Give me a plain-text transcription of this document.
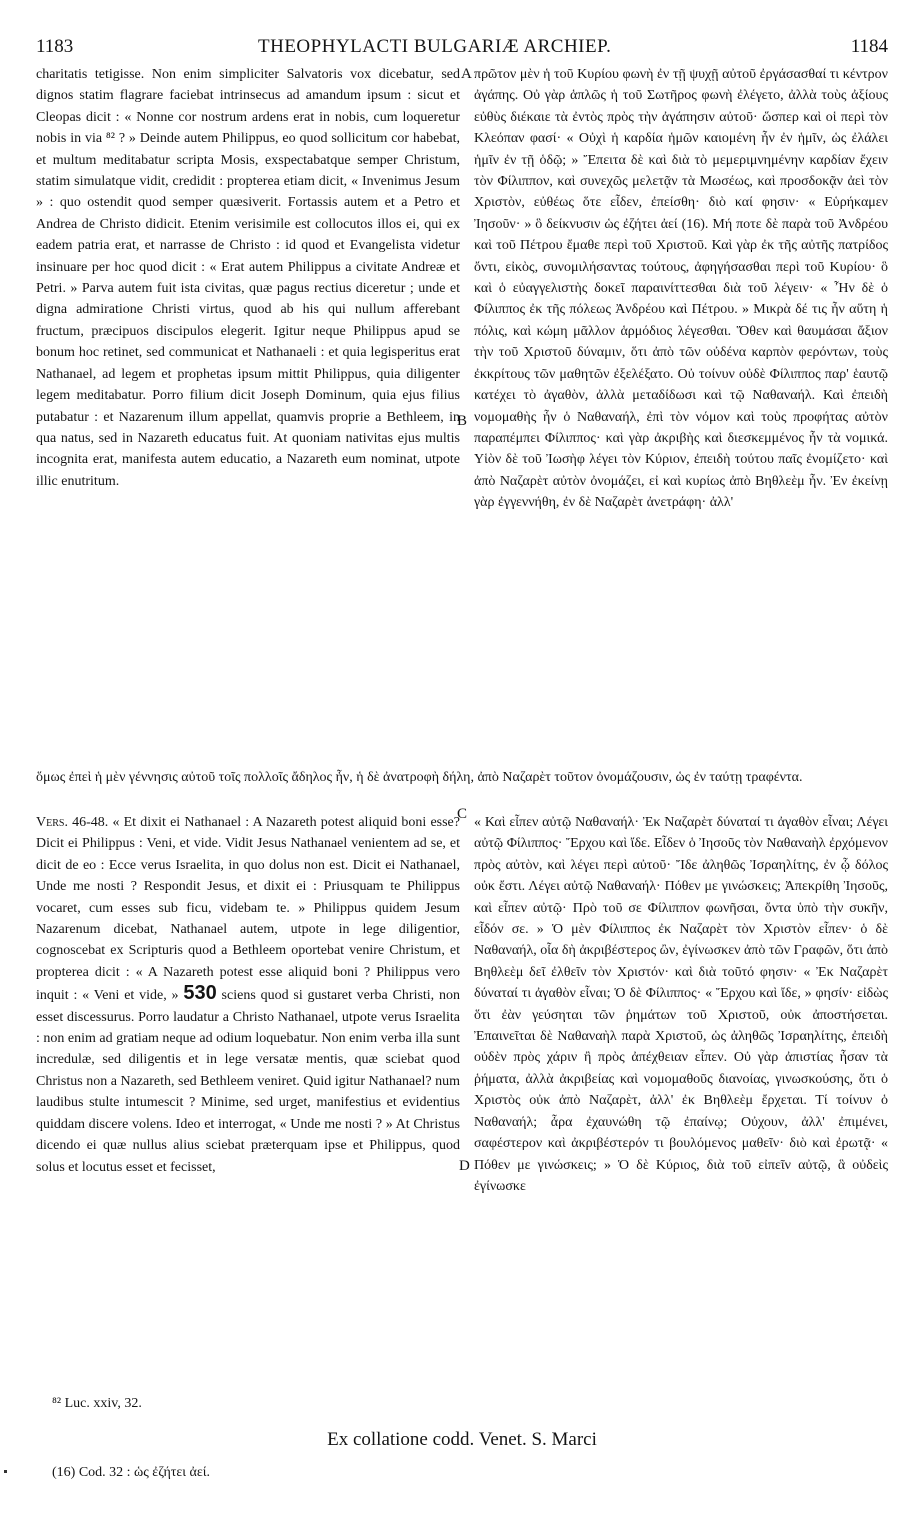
1183	THEOPHYLACTI BULGARIÆ ARCHIEP.	1184

charitatis tetigisse. Non enim simpliciter Salvatoris vox dicebatur, sed dignos statim flagrare faciebat intrinsecus ad amandum ipsum : sicut et Cleopas dicit : « Nonne cor nostrum ardens erat in nobis, cum loqueretur nobis in via ⁸² ? » Deinde autem Philippus, eo quod sollicitum cor habebat, et multum meditabatur scripta Mosis, exspectabatque semper Christum, statim simulatque vidit, credidit : propterea etiam dicit, « Invenimus Jesum » : quo ostendit quod semper quæsiverit. Fortassis autem et a Petro et Andrea de Christo didicit. Etenim verisimile est collocutos illos ei, qui ex eadem patria erat, et narrasse de Christo : id quod et Evangelista videtur insinuare per hoc quod dicit : « Erat autem Philippus a civitate Andreæ et Petri. » Parva autem fuit ista civitas, quæ pagus rectius diceretur ; unde et digna admiratione Christi virtus, quod ab his qui nullum afferebant fructum, præcipuos discipulos elegerit. Igitur neque Philippus apud se bonum hoc retinet, sed communicat et Nathanaeli : et quia legisperitus erat Nathanael, ad legem et prophetas ipsum mittit Philippus, quia diligenter legem meditabatur. Porro filium dicit Joseph Dominum, quia ejus filius putabatur : et Nazarenum illum appellat, quamvis proprie a Bethleem, in qua natus, sed in Nazareth educatus fuit. At quoniam nativitas ejus multis incognita erat, manifesta autem educatio, a Nazareth eum nominat, utpote illic enutritum.

A
B
C
D

πρῶτον μὲν ἡ τοῦ Κυρίου φωνὴ ἐν τῇ ψυχῇ αὐτοῦ ἐργάσασθαί τι κέντρον ἀγάπης. Οὐ γὰρ ἁπλῶς ἡ τοῦ Σωτῆρος φωνὴ ἐλέγετο, ἀλλὰ τοὺς ἀξίους εὐθὺς διέκαιε τὰ ἐντὸς πρὸς τὴν ἀγάπησιν αὐτοῦ· ὥσπερ καὶ οἱ περὶ τὸν Κλεόπαν φασί· « Οὐχὶ ἡ καρδία ἡμῶν καιομένη ἦν ἐν ἡμῖν, ὡς ἐλάλει ἡμῖν ἐν τῇ ὁδῷ; » Ἔπειτα δὲ καὶ διὰ τὸ μεμεριμνημένην καρδίαν ἔχειν τὸν Φίλιππον, καὶ συνεχῶς μελετᾷν τὰ Μωσέως, καὶ προσδοκᾷν ἀεὶ τὸν Χριστὸν, εὐθέως ὅτε εἶδεν, ἐπείσθη· διὸ καί φησιν· « Εὑρήκαμεν Ἰησοῦν· » ὃ δείκνυσιν ὡς ἐζήτει ἀεί (16). Μή ποτε δὲ παρὰ τοῦ Ἀνδρέου καὶ τοῦ Πέτρου ἔμαθε περὶ τοῦ Χριστοῦ. Καὶ γὰρ ἐκ τῆς αὐτῆς πατρίδος ὄντι, εἰκὸς, συνομιλήσαντας τούτους, ἀφηγήσασθαι περὶ τοῦ Κυρίου· ὃ καὶ ὁ εὐαγγελιστὴς δοκεῖ παραινίττεσθαι διὰ τοῦ λέγειν· « Ἦν δὲ ὁ Φίλιππος ἐκ τῆς πόλεως Ἀνδρέου καὶ Πέτρου. » Μικρὰ δέ τις ἦν αὕτη ἡ πόλις, καὶ κώμη μᾶλλον ἁρμόδιος λέγεσθαι. Ὅθεν καὶ θαυμάσαι ἄξιον τὴν τοῦ Χριστοῦ δύναμιν, ὅτι ἀπὸ τῶν οὐδένα καρπὸν φερόντων, τοὺς ἐκκρίτους τῶν μαθητῶν ἐξελέξατο. Οὐ τοίνυν οὐδὲ Φίλιππος παρ' ἑαυτῷ κατέχει τὸ ἀγαθὸν, ἀλλὰ μεταδίδωσι καὶ τῷ Ναθαναήλ. Καὶ ἐπειδὴ νομομαθὴς ἦν ὁ Ναθαναήλ, ἐπὶ τὸν νόμον καὶ τοὺς προφήτας αὐτὸν παραπέμπει Φίλιππος· καὶ γὰρ ἀκριβὴς καὶ διεσκεμμένος ἦν τὰ νομικά. Υἱὸν δὲ τοῦ Ἰωσὴφ λέγει τὸν Κύριον, ἐπειδὴ τούτου παῖς ἐνομίζετο· καὶ ἀπὸ Ναζαρὲτ αὐτὸν ὀνομάζει, εἰ καὶ κυρίως ἀπὸ Βηθλεὲμ ἦν. Ἐν ἐκείνῃ γὰρ ἐγγεννήθη, ἐν δὲ Ναζαρὲτ ἀνετράφη· ἀλλ'

ὅμως ἐπεὶ ἡ μὲν γέννησις αὐτοῦ τοῖς πολλοῖς ἄδηλος ἦν, ἡ δὲ ἀνατροφὴ δήλη, ἀπὸ Ναζαρὲτ τοῦτον ὀνομάζουσιν, ὡς ἐν ταύτῃ τραφέντα.

Vers. 46-48. « Et dixit ei Nathanael : A Nazareth potest aliquid boni esse? Dicit ei Philippus : Veni, et vide. Vidit Jesus Nathanael venientem ad se, et dicit de eo : Ecce verus Israelita, in quo dolus non est. Dicit ei Nathanael, Unde me nosti ? Respondit Jesus, et dixit ei : Priusquam te Philippus vocaret, cum esses sub ficu, videbam te. » Philippus quidem Jesum Nazarenum dicebat, Nathanael autem, utpote in lege diligentior, cognoscebat ex Scripturis quod a Bethleem oportebat venire Christum, et propterea dicit : « A Nazareth potest esse aliquid boni ? Philippus vero inquit : « Veni et vide, » 530 sciens quod si gustaret verba Christi, non esset discessurus. Porro laudatur a Christo Nathanael, utpote verus Israelita : non enim ad gratiam neque ad odium loquebatur. Non enim verba illa sunt incredulæ, sed diligentis et in lege versatæ mentis, quæ sciebat quod Christus non a Nazareth, sed Bethleem veniret. Quid igitur Nathanael? num laudibus stulte intumescit ? Minime, sed urget, manifestius et evidentius quiddam discere volens. Ideo et interrogat, « Unde me nosti ? » At Christus dicendo ei quæ nullus alius sciebat præterquam ipse et Philippus, quod solus et locutus esset et fecisset,

« Καὶ εἶπεν αὐτῷ Ναθαναήλ· Ἐκ Ναζαρὲτ δύναταί τι ἀγαθὸν εἶναι; Λέγει αὐτῷ Φίλιππος· Ἔρχου καὶ ἴδε. Εἶδεν ὁ Ἰησοῦς τὸν Ναθαναὴλ ἐρχόμενον πρὸς αὐτὸν, καὶ λέγει περὶ αὐτοῦ· Ἴδε ἀληθῶς Ἰσραηλίτης, ἐν ᾧ δόλος οὐκ ἔστι. Λέγει αὐτῷ Ναθαναήλ· Πόθεν με γινώσκεις; Ἀπεκρίθη Ἰησοῦς, καὶ εἶπεν αὐτῷ· Πρὸ τοῦ σε Φίλιππον φωνῆσαι, ὄντα ὑπὸ τὴν συκῆν, εἶδόν σε. » Ὁ μὲν Φίλιππος ἐκ Ναζαρὲτ τὸν Χριστὸν εἶπεν· ὁ δὲ Ναθαναήλ, οἷα δὴ ἀκριβέστερος ὢν, ἐγίνωσκεν ἀπὸ τῶν Γραφῶν, ὅτι ἀπὸ Βηθλεὲμ δεῖ ἐλθεῖν τὸν Χριστόν· καὶ διὰ τοῦτό φησιν· « Ἐκ Ναζαρὲτ δύναταί τι ἀγαθὸν εἶναι; Ὁ δὲ Φίλιππος· « Ἔρχου καὶ ἴδε, » φησίν· εἰδὼς ὅτι ἐὰν γεύσηται τῶν ῥημάτων τοῦ Χριστοῦ, οὐκ ἀποστήσεται. Ἐπαινεῖται δὲ Ναθαναὴλ παρὰ Χριστοῦ, ὡς ἀληθῶς Ἰσραηλίτης, ἐπειδὴ οὐδὲν πρὸς χάριν ἢ πρὸς ἀπέχθειαν εἶπεν. Οὐ γὰρ ἀπιστίας ἦσαν τὰ ῥήματα, ἀλλὰ ἀκριβείας καὶ νομομαθοῦς διανοίας, γινωσκούσης, ὅτι ὁ Χριστὸς οὐκ ἀπὸ Ναζαρὲτ, ἀλλ' ἐκ Βηθλεὲμ ἔρχεται. Τί τοίνυν ὁ Ναθαναήλ; ἆρα ἐχαυνώθη τῷ ἐπαίνῳ; Οὐχουν, ἀλλ' ἐπιμένει, σαφέστερον καὶ ἀκριβέστερόν τι βουλόμενος μαθεῖν· διὸ καὶ ἐρωτᾷ· « Πόθεν με γινώσκεις; » Ὁ δὲ Κύριος, διὰ τοῦ εἰπεῖν αὐτῷ, ἃ οὐδεὶς ἐγίνωσκε

⁸² Luc. xxiv, 32.
Ex collatione codd. Venet. S. Marci
(16) Cod. 32 : ὡς ἐζήτει ἀεί.
